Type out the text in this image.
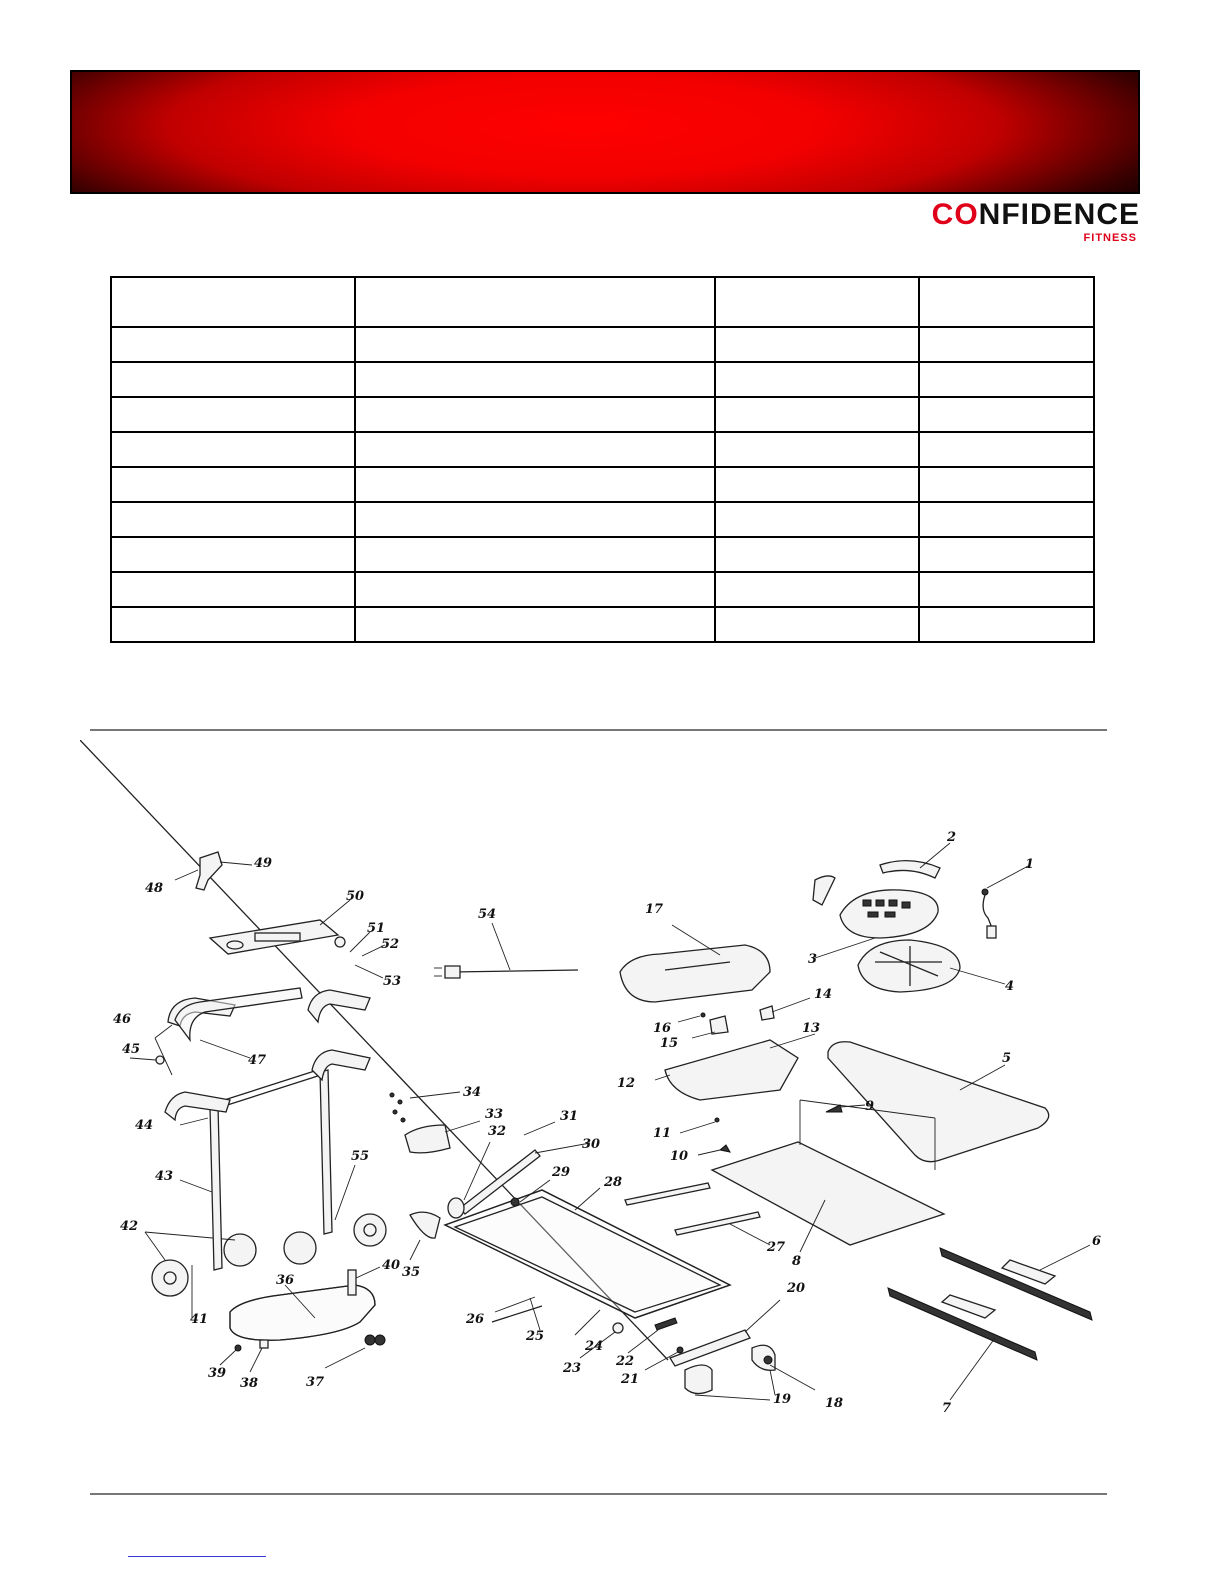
CONFIDENCE
FITNESS

1
2
3
4
5
6
7
8
9
10
11
12
13
14
15
16
17
18
19
20
21
22
23
24
25
26
27
28
29
30
31
32
33
34
35
36
37
38
39
40
41
42
43
44
45
46
47
48
49
50
51
52
53
54
55
